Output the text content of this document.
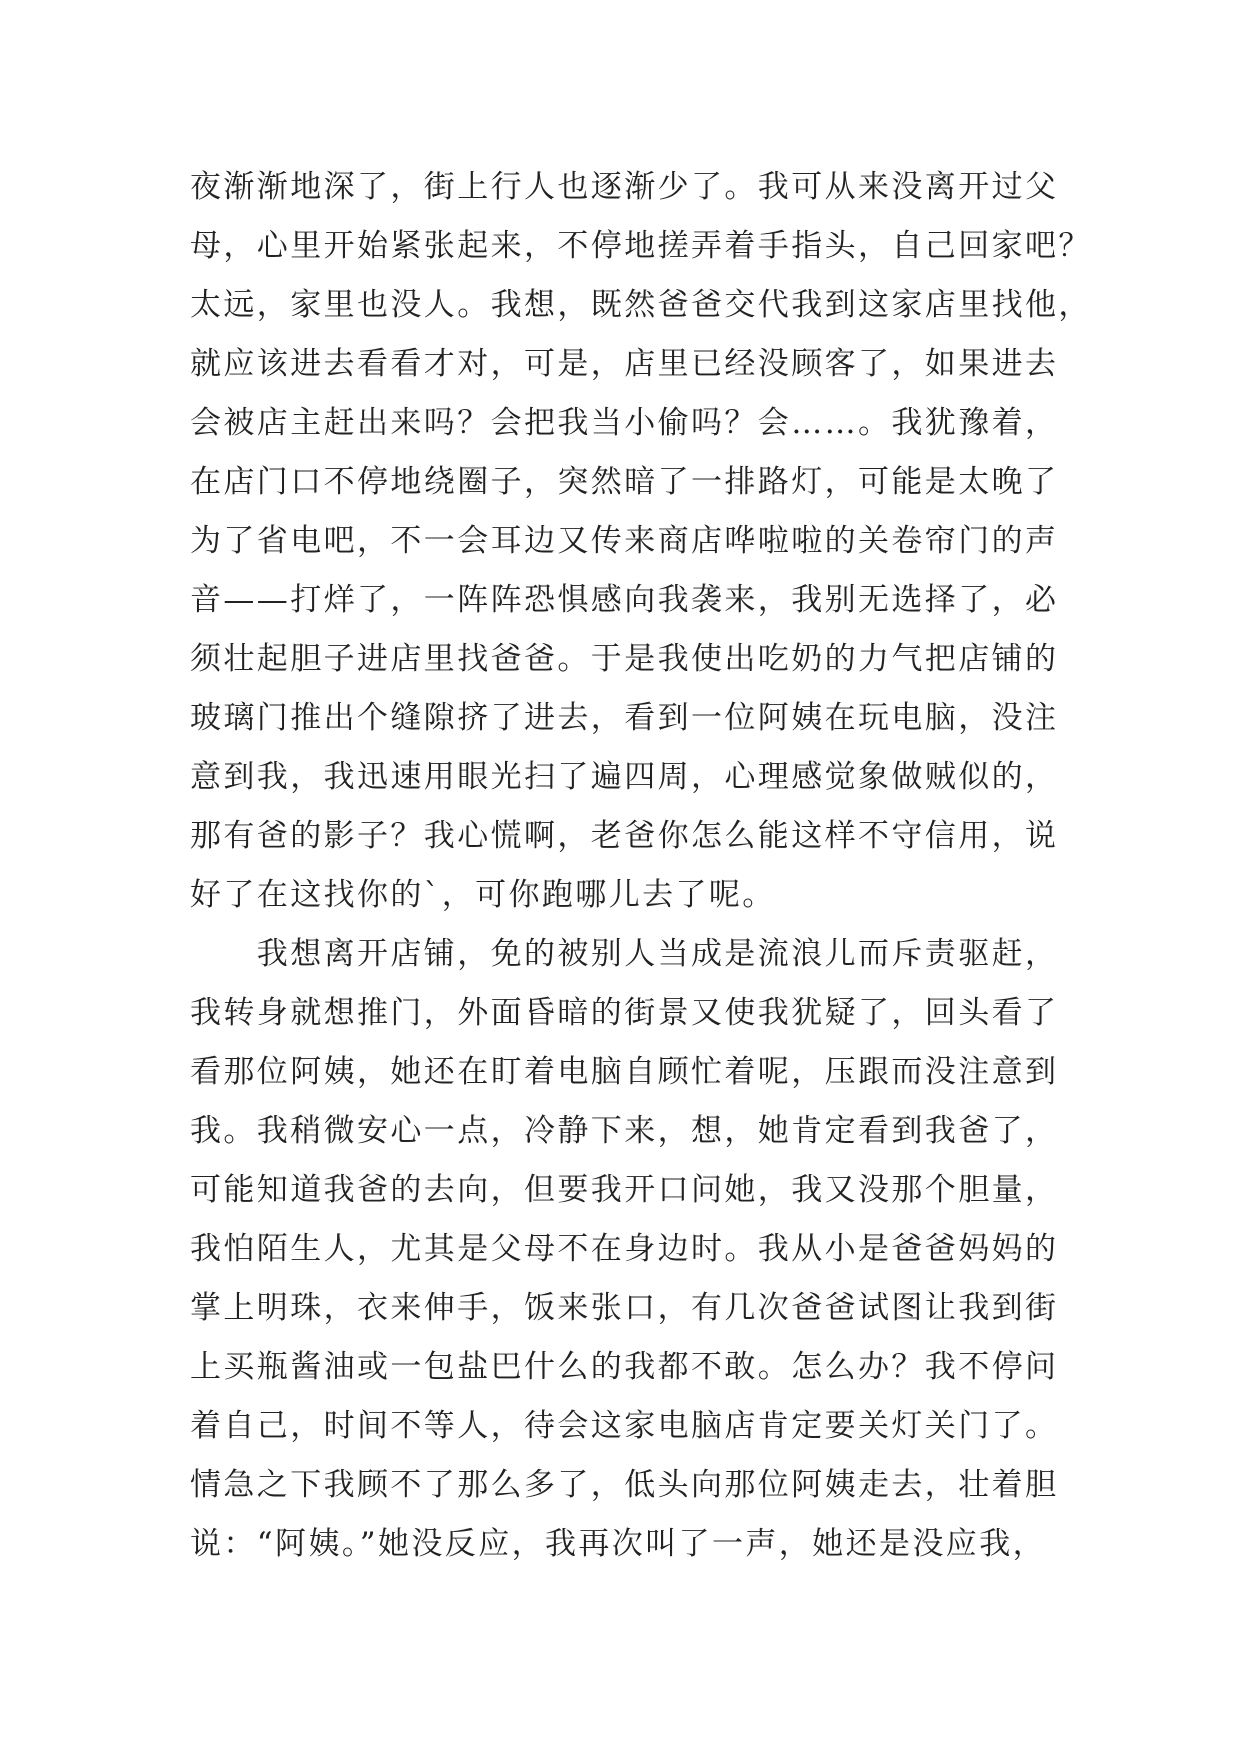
夜渐渐地深了，街上行人也逐渐少了。我可从来没离开过父
母，心里开始紧张起来，不停地搓弄着手指头，自己回家吧？
太远，家里也没人。我想，既然爸爸交代我到这家店里找他，
就应该进去看看才对，可是，店里已经没顾客了，如果进去
会被店主赶出来吗？会把我当小偷吗？会……。我犹豫着，
在店门口不停地绕圈子，突然暗了一排路灯，可能是太晚了
为了省电吧，不一会耳边又传来商店哗啦啦的关卷帘门的声
音——打烊了，一阵阵恐惧感向我袭来，我别无选择了，必
须壮起胆子进店里找爸爸。于是我使出吃奶的力气把店铺的
玻璃门推出个缝隙挤了进去，看到一位阿姨在玩电脑，没注
意到我，我迅速用眼光扫了遍四周，心理感觉象做贼似的，
那有爸的影子？我心慌啊，老爸你怎么能这样不守信用，说
好了在这找你的`，可你跑哪儿去了呢。
　　我想离开店铺，免的被别人当成是流浪儿而斥责驱赶，
我转身就想推门，外面昏暗的街景又使我犹疑了，回头看了
看那位阿姨，她还在盯着电脑自顾忙着呢，压跟而没注意到
我。我稍微安心一点，冷静下来，想，她肯定看到我爸了，
可能知道我爸的去向，但要我开口问她，我又没那个胆量，
我怕陌生人，尤其是父母不在身边时。我从小是爸爸妈妈的
掌上明珠，衣来伸手，饭来张口，有几次爸爸试图让我到街
上买瓶酱油或一包盐巴什么的我都不敢。怎么办？我不停问
着自己，时间不等人，待会这家电脑店肯定要关灯关门了。
情急之下我顾不了那么多了，低头向那位阿姨走去，壮着胆
说：“阿姨。”她没反应，我再次叫了一声，她还是没应我，
